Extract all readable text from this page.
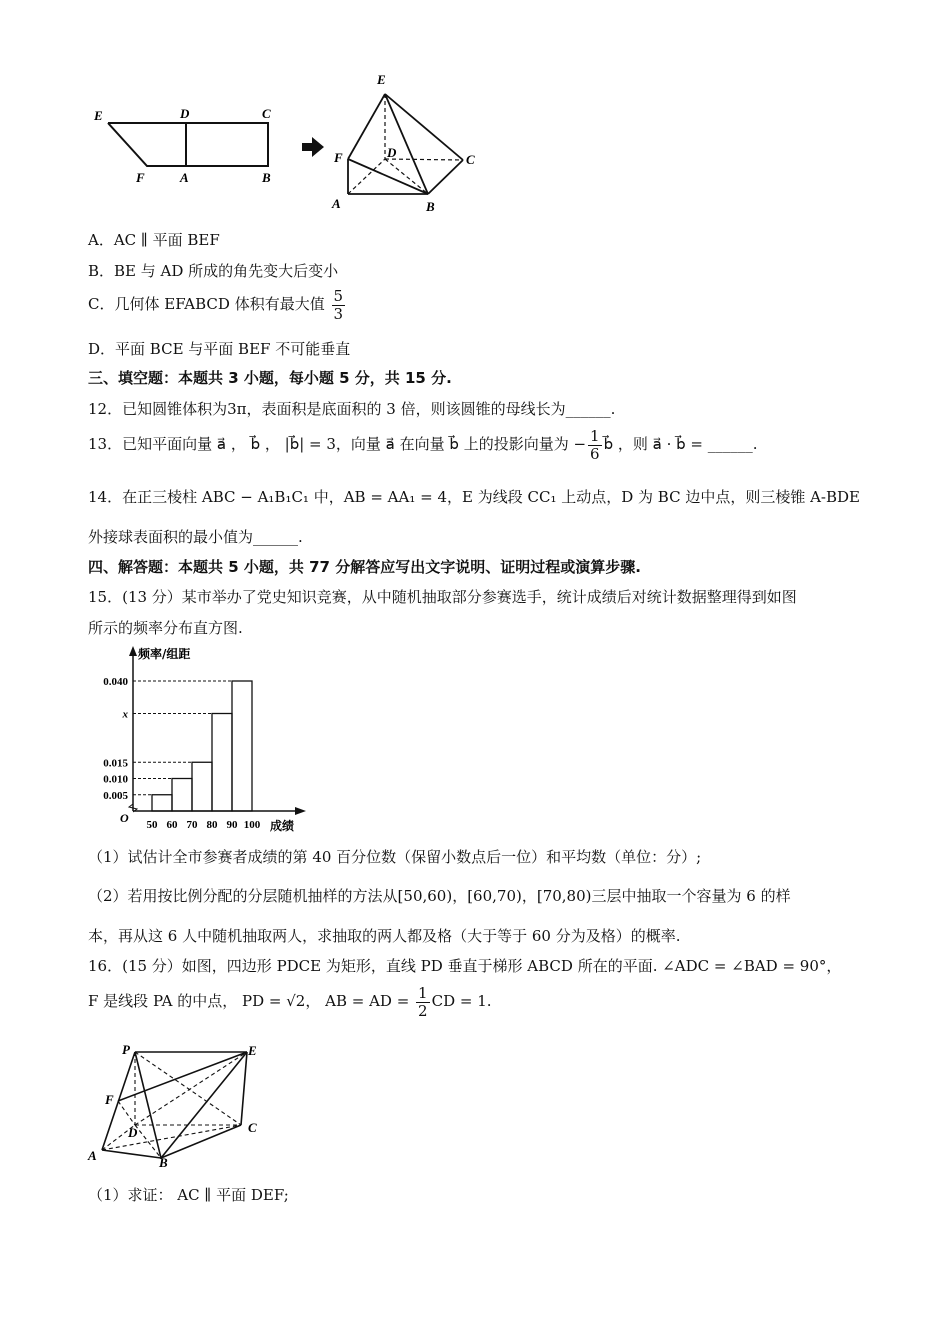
E	D	C
F	A	B
E
F	D	C
A	B
A．AC ∥ 平面 BEF
B．BE 与 AD 所成的角先变大后变小
C．几何体 EFABCD 体积有最大值 $\frac{5}{3}$
D．平面 BCE 与平面 BEF 不可能垂直
三、填空题：本题共 3 小题，每小题 5 分，共 15 分.
12．已知圆锥体积为3π，表面积是底面积的 3 倍，则该圆锥的母线长为______.
13．已知平面向量 a⃗ ， b⃗ ， |b⃗| = 3，向量 a⃗ 在向量 b⃗ 上的投影向量为 − $\frac{1}{6}$ b⃗ ，则 a⃗ · b⃗ = ______.
14．在正三棱柱 ABC − A₁B₁C₁ 中，AB = AA₁ = 4，E 为线段 CC₁ 上动点，D 为 BC 边中点，则三棱锥 A-BDE
外接球表面积的最小值为______.
四、解答题：本题共 5 小题，共 77 分解答应写出文字说明、证明过程或演算步骤.
15．(13 分）某市举办了党史知识竞赛，从中随机抽取部分参赛选手，统计成绩后对统计数据整理得到如图
所示的频率分布直方图.
0.005
0.010
0.015
x
0.040
50 60 70 80 90 100
频率/组距
成绩
O
（1）试估计全市参赛者成绩的第 40 百分位数（保留小数点后一位）和平均数（单位：分）;
（2）若用按比例分配的分层随机抽样的方法从[50,60)，[60,70)，[70,80)三层中抽取一个容量为 6 的样
本，再从这 6 人中随机抽取两人，求抽取的两人都及格（大于等于 60 分为及格）的概率.
16．(15 分）如图，四边形 PDCE 为矩形，直线 PD 垂直于梯形 ABCD 所在的平面. ∠ADC = ∠BAD = 90°，
F 是线段 PA 的中点， PD = √2， AB = AD = $\frac{1}{2}$ CD = 1.
P	E
F
D	C
A	B
（1）求证： AC ∥ 平面 DEF;
